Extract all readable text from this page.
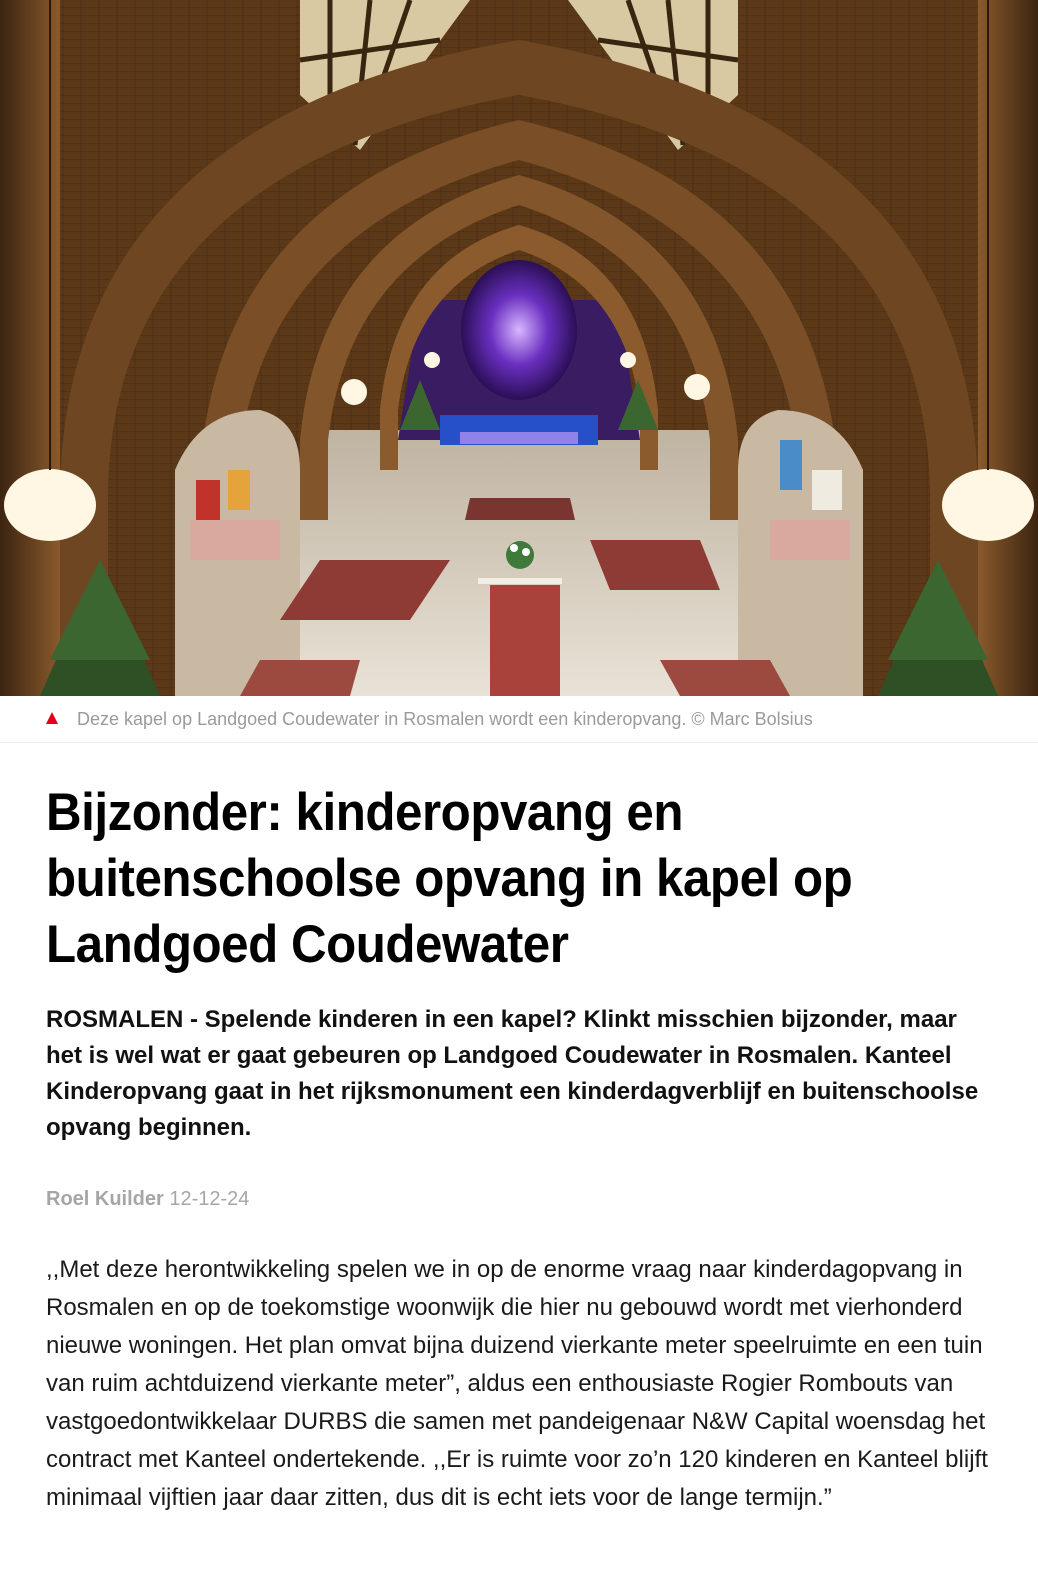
Deze kapel op Landgoed Coudewater in Rosmalen wordt een kinderopvang. © Marc Bolsius
Bijzonder: kinderopvang en buitenschoolse opvang in kapel op Landgoed Coudewater

ROSMALEN - Spelende kinderen in een kapel? Klinkt misschien bijzonder, maar het is wel wat er gaat gebeuren op Landgoed Coudewater in Rosmalen. Kanteel Kinderopvang gaat in het rijksmonument een kinderdagverblijf en buitenschoolse opvang beginnen.

Roel Kuilder 12-12-24

,,Met deze herontwikkeling spelen we in op de enorme vraag naar kinderdagopvang in Rosmalen en op de toekomstige woonwijk die hier nu gebouwd wordt met vierhonderd nieuwe woningen. Het plan omvat bijna duizend vierkante meter speelruimte en een tuin van ruim achtduizend vierkante meter”, aldus een enthousiaste Rogier Rombouts van vastgoedontwikkelaar DURBS die samen met pandeigenaar N&W Capital woensdag het contract met Kanteel ondertekende. ,,Er is ruimte voor zo’n 120 kinderen en Kanteel blijft minimaal vijftien jaar daar zitten, dus dit is echt iets voor de lange termijn.”
